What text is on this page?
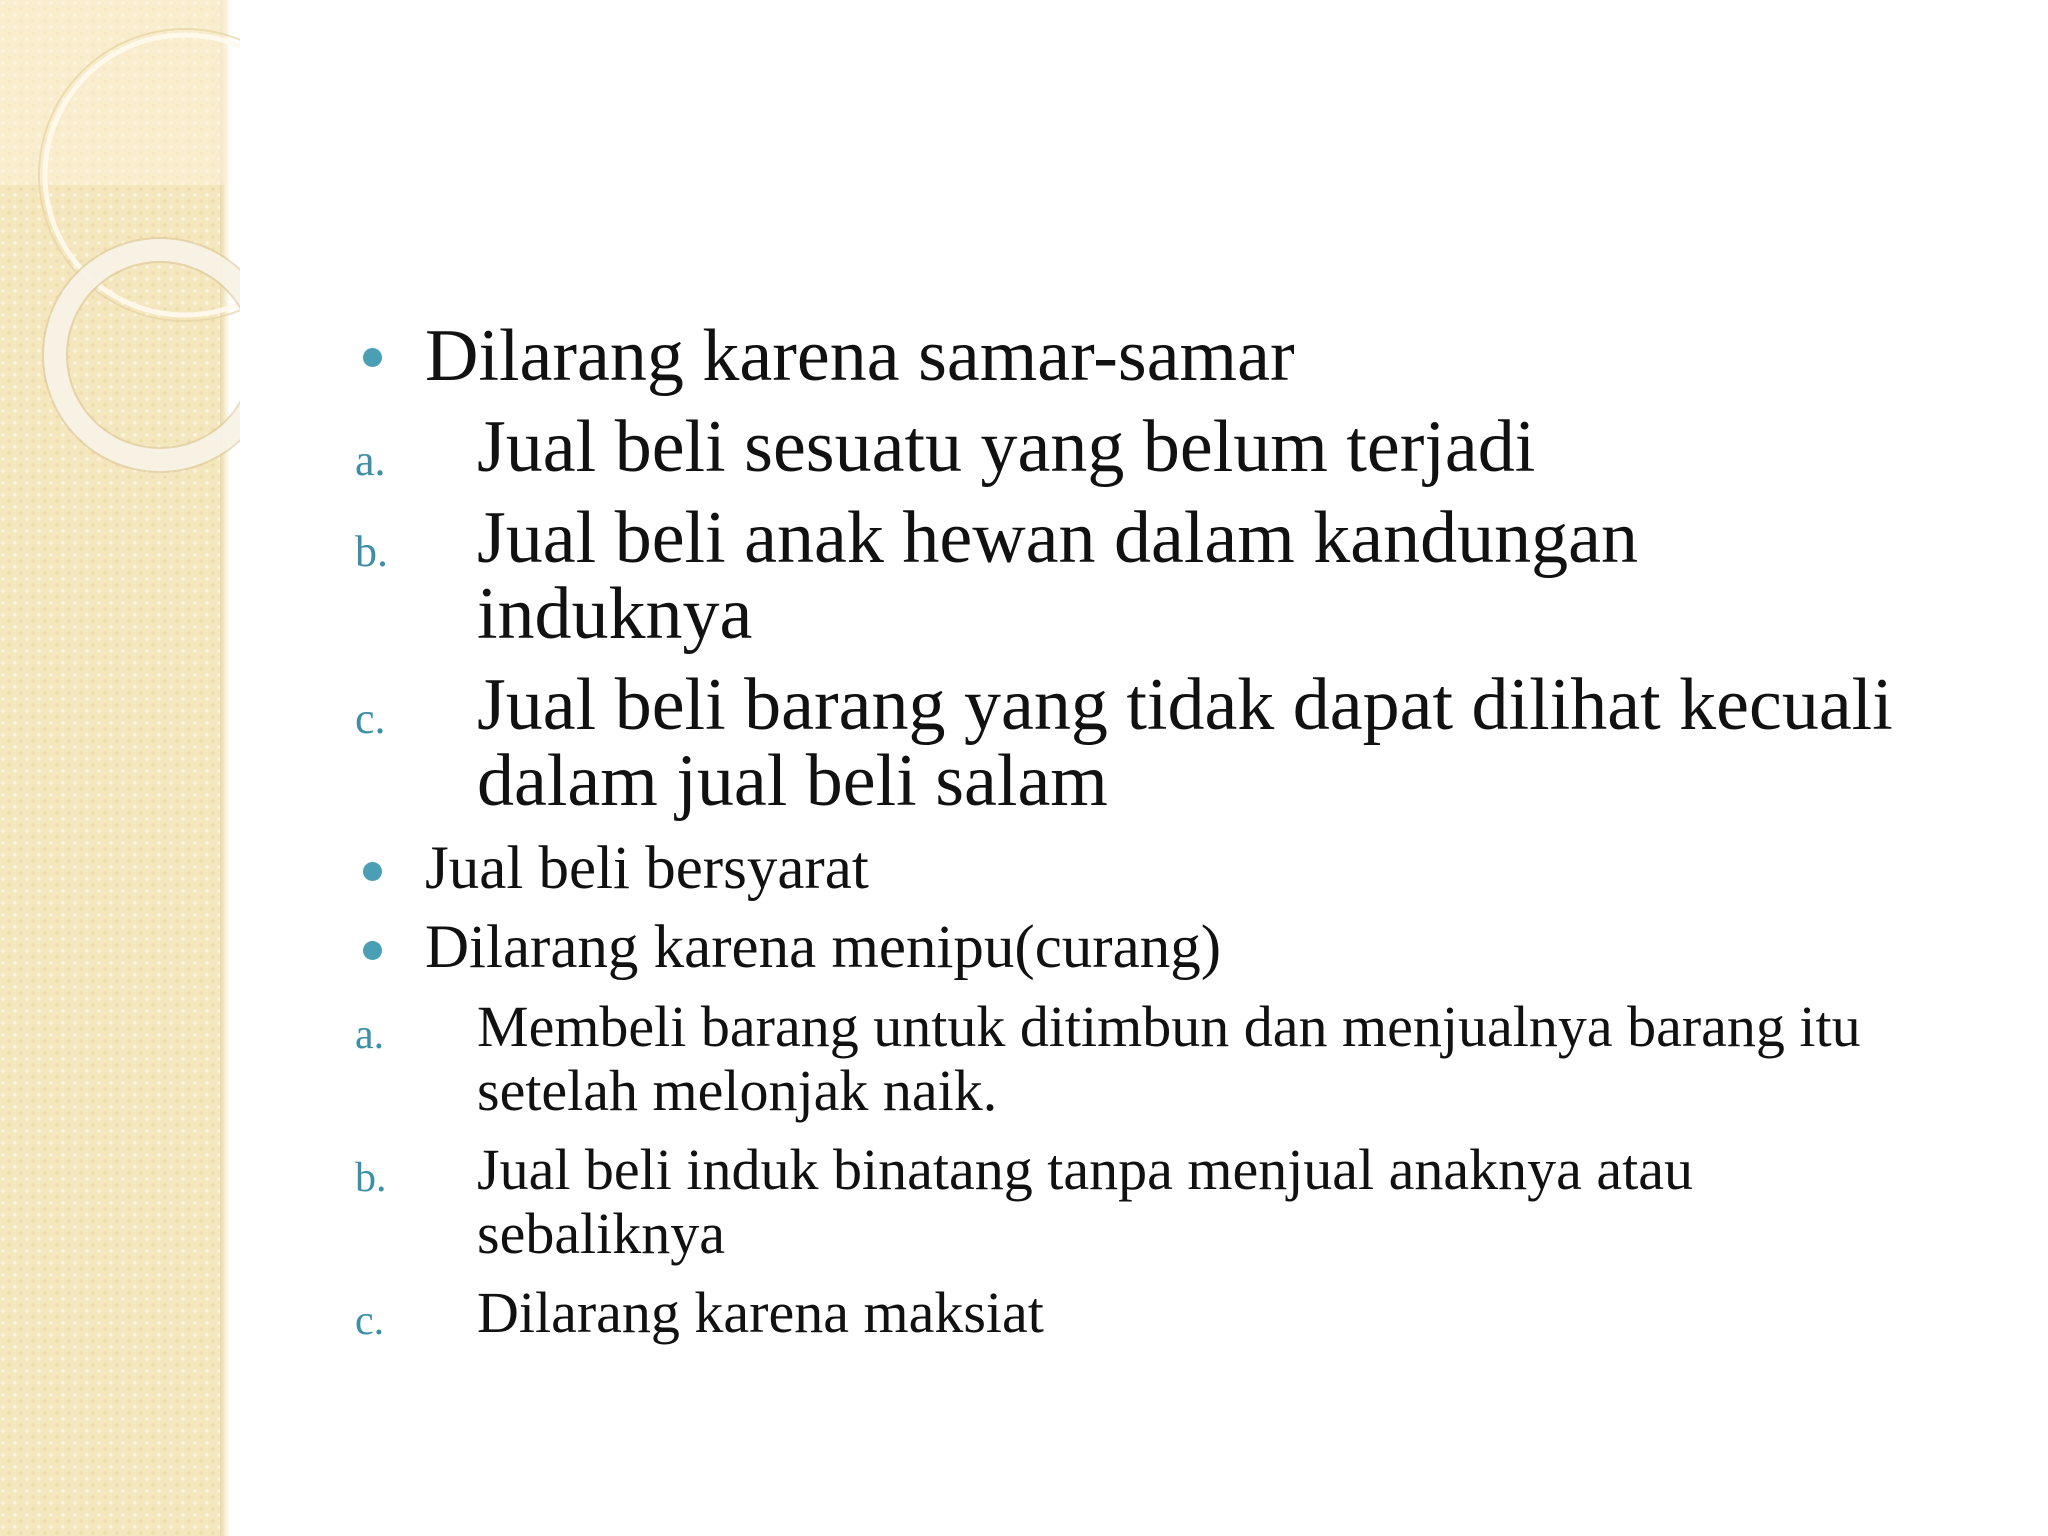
Dilarang karena samar-samar
a. Jual beli sesuatu yang belum terjadi
b. Jual beli anak hewan dalam kandungan induknya
c. Jual beli barang yang tidak dapat dilihat kecuali dalam jual beli salam
Jual beli bersyarat
Dilarang karena menipu(curang)
a. Membeli barang untuk ditimbun dan menjualnya barang itu setelah melonjak naik.
b. Jual beli induk binatang tanpa menjual anaknya atau sebaliknya
c. Dilarang karena maksiat
